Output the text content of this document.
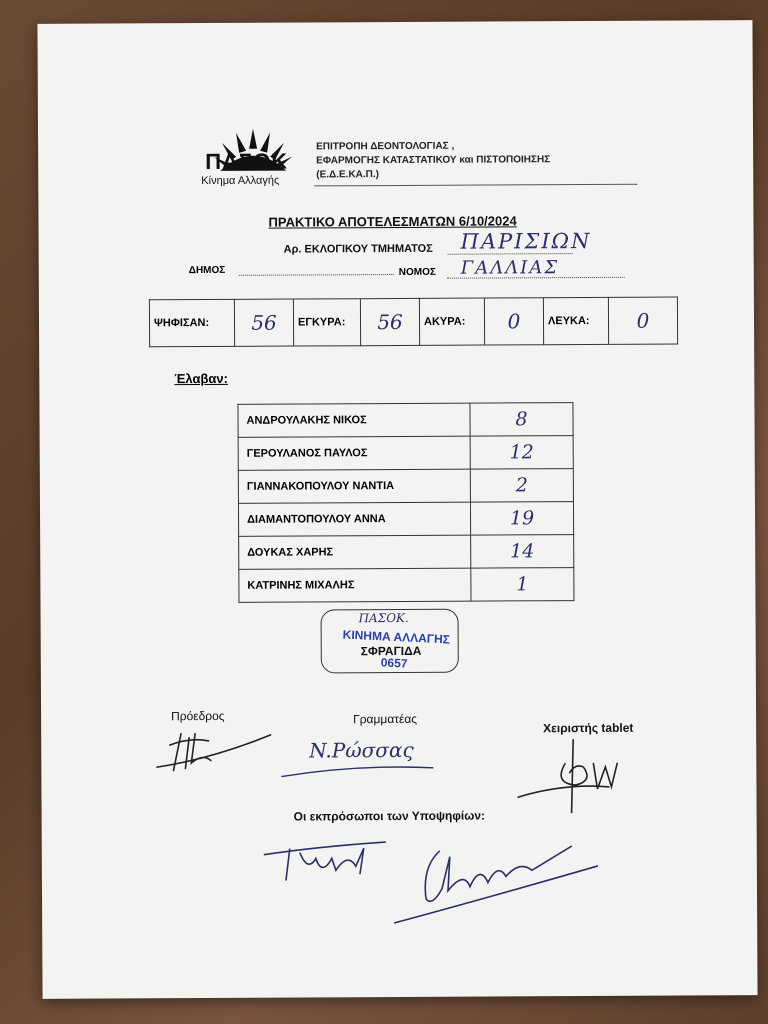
ΠΑΣΟΚ
Κίνημα Αλλαγής
ΕΠΙΤΡΟΠΗ ΔΕΟΝΤΟΛΟΓΙΑΣ ,
ΕΦΑΡΜΟΓΗΣ ΚΑΤΑΣΤΑΤΙΚΟΥ και ΠΙΣΤΟΠΟΙΗΣΗΣ
(Ε.Δ.Ε.ΚΑ.Π.)
ΠΡΑΚΤΙΚΟ ΑΠΟΤΕΛΕΣΜΑΤΩΝ 6/10/2024
Αρ. ΕΚΛΟΓΙΚΟΥ ΤΜΗΜΑΤΟΣ ΠΑΡΙΣΙΩΝ
ΔΗΜΟΣ	ΝΟΜΟΣ ΓΑΛΛΙΑΣ
ΨΗΦΙΣΑΝ:	56	ΕΓΚΥΡΑ:	56	ΑΚΥΡΑ:	0	ΛΕΥΚΑ:	0
Έλαβαν:
ΑΝΔΡΟΥΛΑΚΗΣ ΝΙΚΟΣ	8
ΓΕΡΟΥΛΑΝΟΣ ΠΑΥΛΟΣ	12
ΓΙΑΝΝΑΚΟΠΟΥΛΟΥ ΝΑΝΤΙΑ	2
ΔΙΑΜΑΝΤΟΠΟΥΛΟΥ ΑΝΝΑ	19
ΔΟΥΚΑΣ ΧΑΡΗΣ	14
ΚΑΤΡΙΝΗΣ ΜΙΧΑΛΗΣ	1
ΠΑΣΟΚ.
ΚΙΝΗΜΑ ΑΛΛΑΓΗΣ
ΣΦΡΑΓΙΔΑ
0657
Πρόεδρος	Γραμματέας
Χειριστής tablet
Οι εκπρόσωποι των Υποψηφίων:
N.Ρώσσας
